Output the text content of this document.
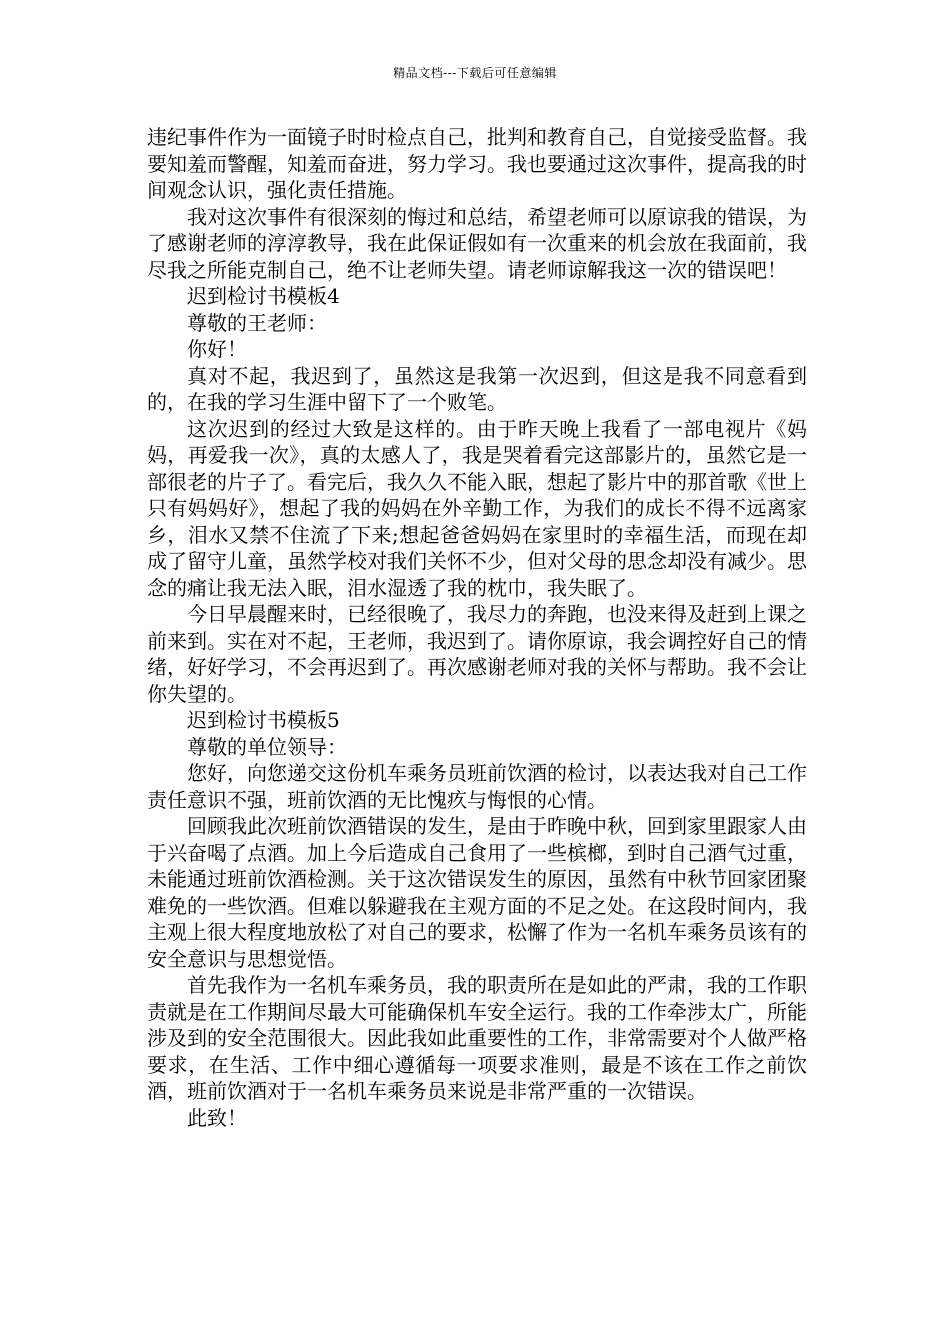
精品文档---下载后可任意编辑

违纪事件作为一面镜子时时检点自己，批判和教育自己，自觉接受监督。我要知羞而警醒，知羞而奋进，努力学习。我也要通过这次事件，提高我的时间观念认识，强化责任措施。

我对这次事件有很深刻的悔过和总结，希望老师可以原谅我的错误，为了感谢老师的淳淳教导，我在此保证假如有一次重来的机会放在我面前，我尽我之所能克制自己，绝不让老师失望。请老师谅解我这一次的错误吧！

迟到检讨书模板4

尊敬的王老师：

你好！

真对不起，我迟到了，虽然这是我第一次迟到，但这是我不同意看到的，在我的学习生涯中留下了一个败笔。

这次迟到的经过大致是这样的。由于昨天晚上我看了一部电视片《妈妈，再爱我一次》，真的太感人了，我是哭着看完这部影片的，虽然它是一部很老的片子了。看完后，我久久不能入眠，想起了影片中的那首歌《世上只有妈妈好》，想起了我的妈妈在外辛勤工作，为我们的成长不得不远离家乡，泪水又禁不住流了下来;想起爸爸妈妈在家里时的幸福生活，而现在却成了留守儿童，虽然学校对我们关怀不少，但对父母的思念却没有减少。思念的痛让我无法入眠，泪水湿透了我的枕巾，我失眠了。

今日早晨醒来时，已经很晚了，我尽力的奔跑，也没来得及赶到上课之前来到。实在对不起，王老师，我迟到了。请你原谅，我会调控好自己的情绪，好好学习，不会再迟到了。再次感谢老师对我的关怀与帮助。我不会让你失望的。

迟到检讨书模板5

尊敬的单位领导：

您好，向您递交这份机车乘务员班前饮酒的检讨，以表达我对自己工作责任意识不强，班前饮酒的无比愧疚与悔恨的心情。

回顾我此次班前饮酒错误的发生，是由于昨晚中秋，回到家里跟家人由于兴奋喝了点酒。加上今后造成自己食用了一些槟榔，到时自己酒气过重，未能通过班前饮酒检测。关于这次错误发生的原因，虽然有中秋节回家团聚难免的一些饮酒。但难以躲避我在主观方面的不足之处。在这段时间内，我主观上很大程度地放松了对自己的要求，松懈了作为一名机车乘务员该有的安全意识与思想觉悟。

首先我作为一名机车乘务员，我的职责所在是如此的严肃，我的工作职责就是在工作期间尽最大可能确保机车安全运行。我的工作牵涉太广，所能涉及到的安全范围很大。因此我如此重要性的工作，非常需要对个人做严格要求，在生活、工作中细心遵循每一项要求准则，最是不该在工作之前饮酒，班前饮酒对于一名机车乘务员来说是非常严重的一次错误。

此致！
